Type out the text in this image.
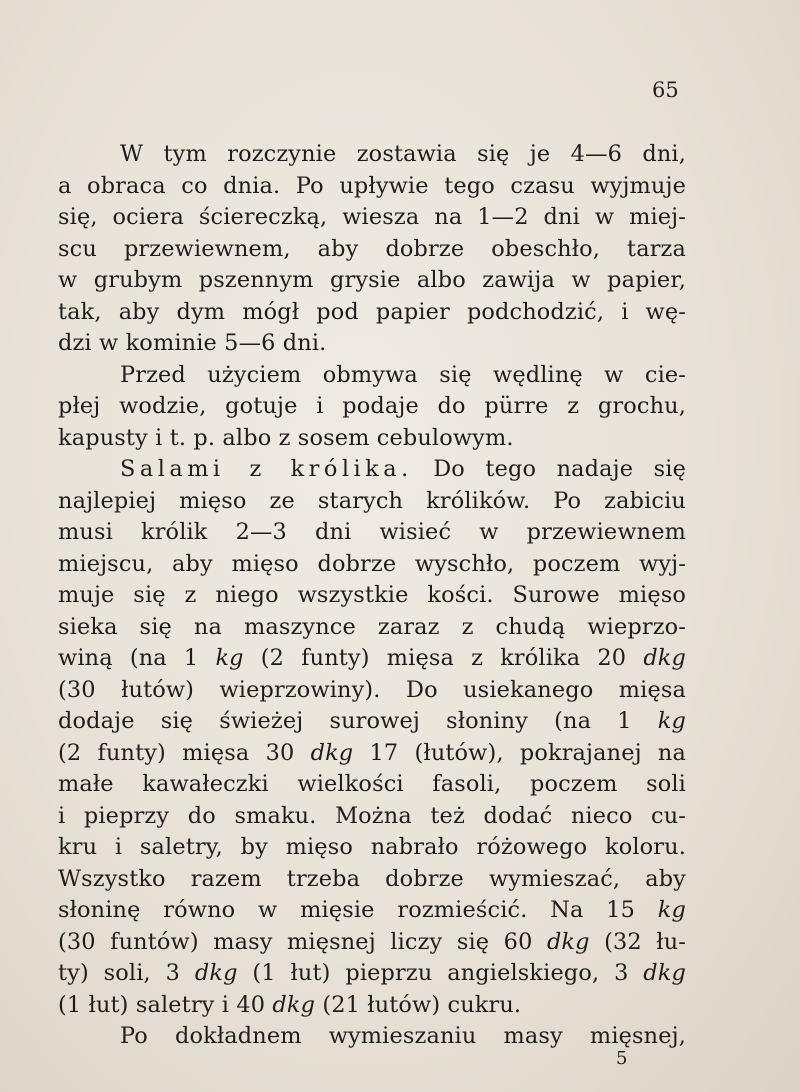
65
W tym rozczynie zostawia się je 4—6 dni,
a obraca co dnia. Po upływie tego czasu wyjmuje
się, ociera ściereczką, wiesza na 1—2 dni w miej-
scu przewiewnem, aby dobrze obeschło, tarza
w grubym pszennym grysie albo zawija w papier,
tak, aby dym mógł pod papier podchodzić, i wę-
dzi w kominie 5—6 dni.
Przed użyciem obmywa się wędlinę w cie-
płej wodzie, gotuje i podaje do pürre z grochu,
kapusty i t. p. albo z sosem cebulowym.
Salami z królika. Do tego nadaje się
najlepiej mięso ze starych królików. Po zabiciu
musi królik 2—3 dni wisieć w przewiewnem
miejscu, aby mięso dobrze wyschło, poczem wyj-
muje się z niego wszystkie kości. Surowe mięso
siekа się na maszynce zaraz z chudą wieprzo-
winą (na 1 kg (2 funty) mięsa z królika 20 dkg
(30 łutów) wieprzowiny). Do usiekanego mięsa
dodaje się świeżej surowej słoniny (na 1 kg
(2 funty) mięsa 30 dkg 17 (łutów), pokrajanej na
małe kawałeczki wielkości fasoli, poczem soli
i pieprzy do smaku. Można też dodać nieco cu-
kru i saletry, by mięso nabrało różowego koloru.
Wszystko razem trzeba dobrze wymieszać, aby
słoninę równo w mięsie rozmieścić. Na 15 kg
(30 funtów) masy mięsnej liczy się 60 dkg (32 łu-
ty) soli, 3 dkg (1 łut) pieprzu angielskiego, 3 dkg
(1 łut) saletry i 40 dkg (21 łutów) cukru.
Po dokładnem wymieszaniu masy mięsnej,
5
